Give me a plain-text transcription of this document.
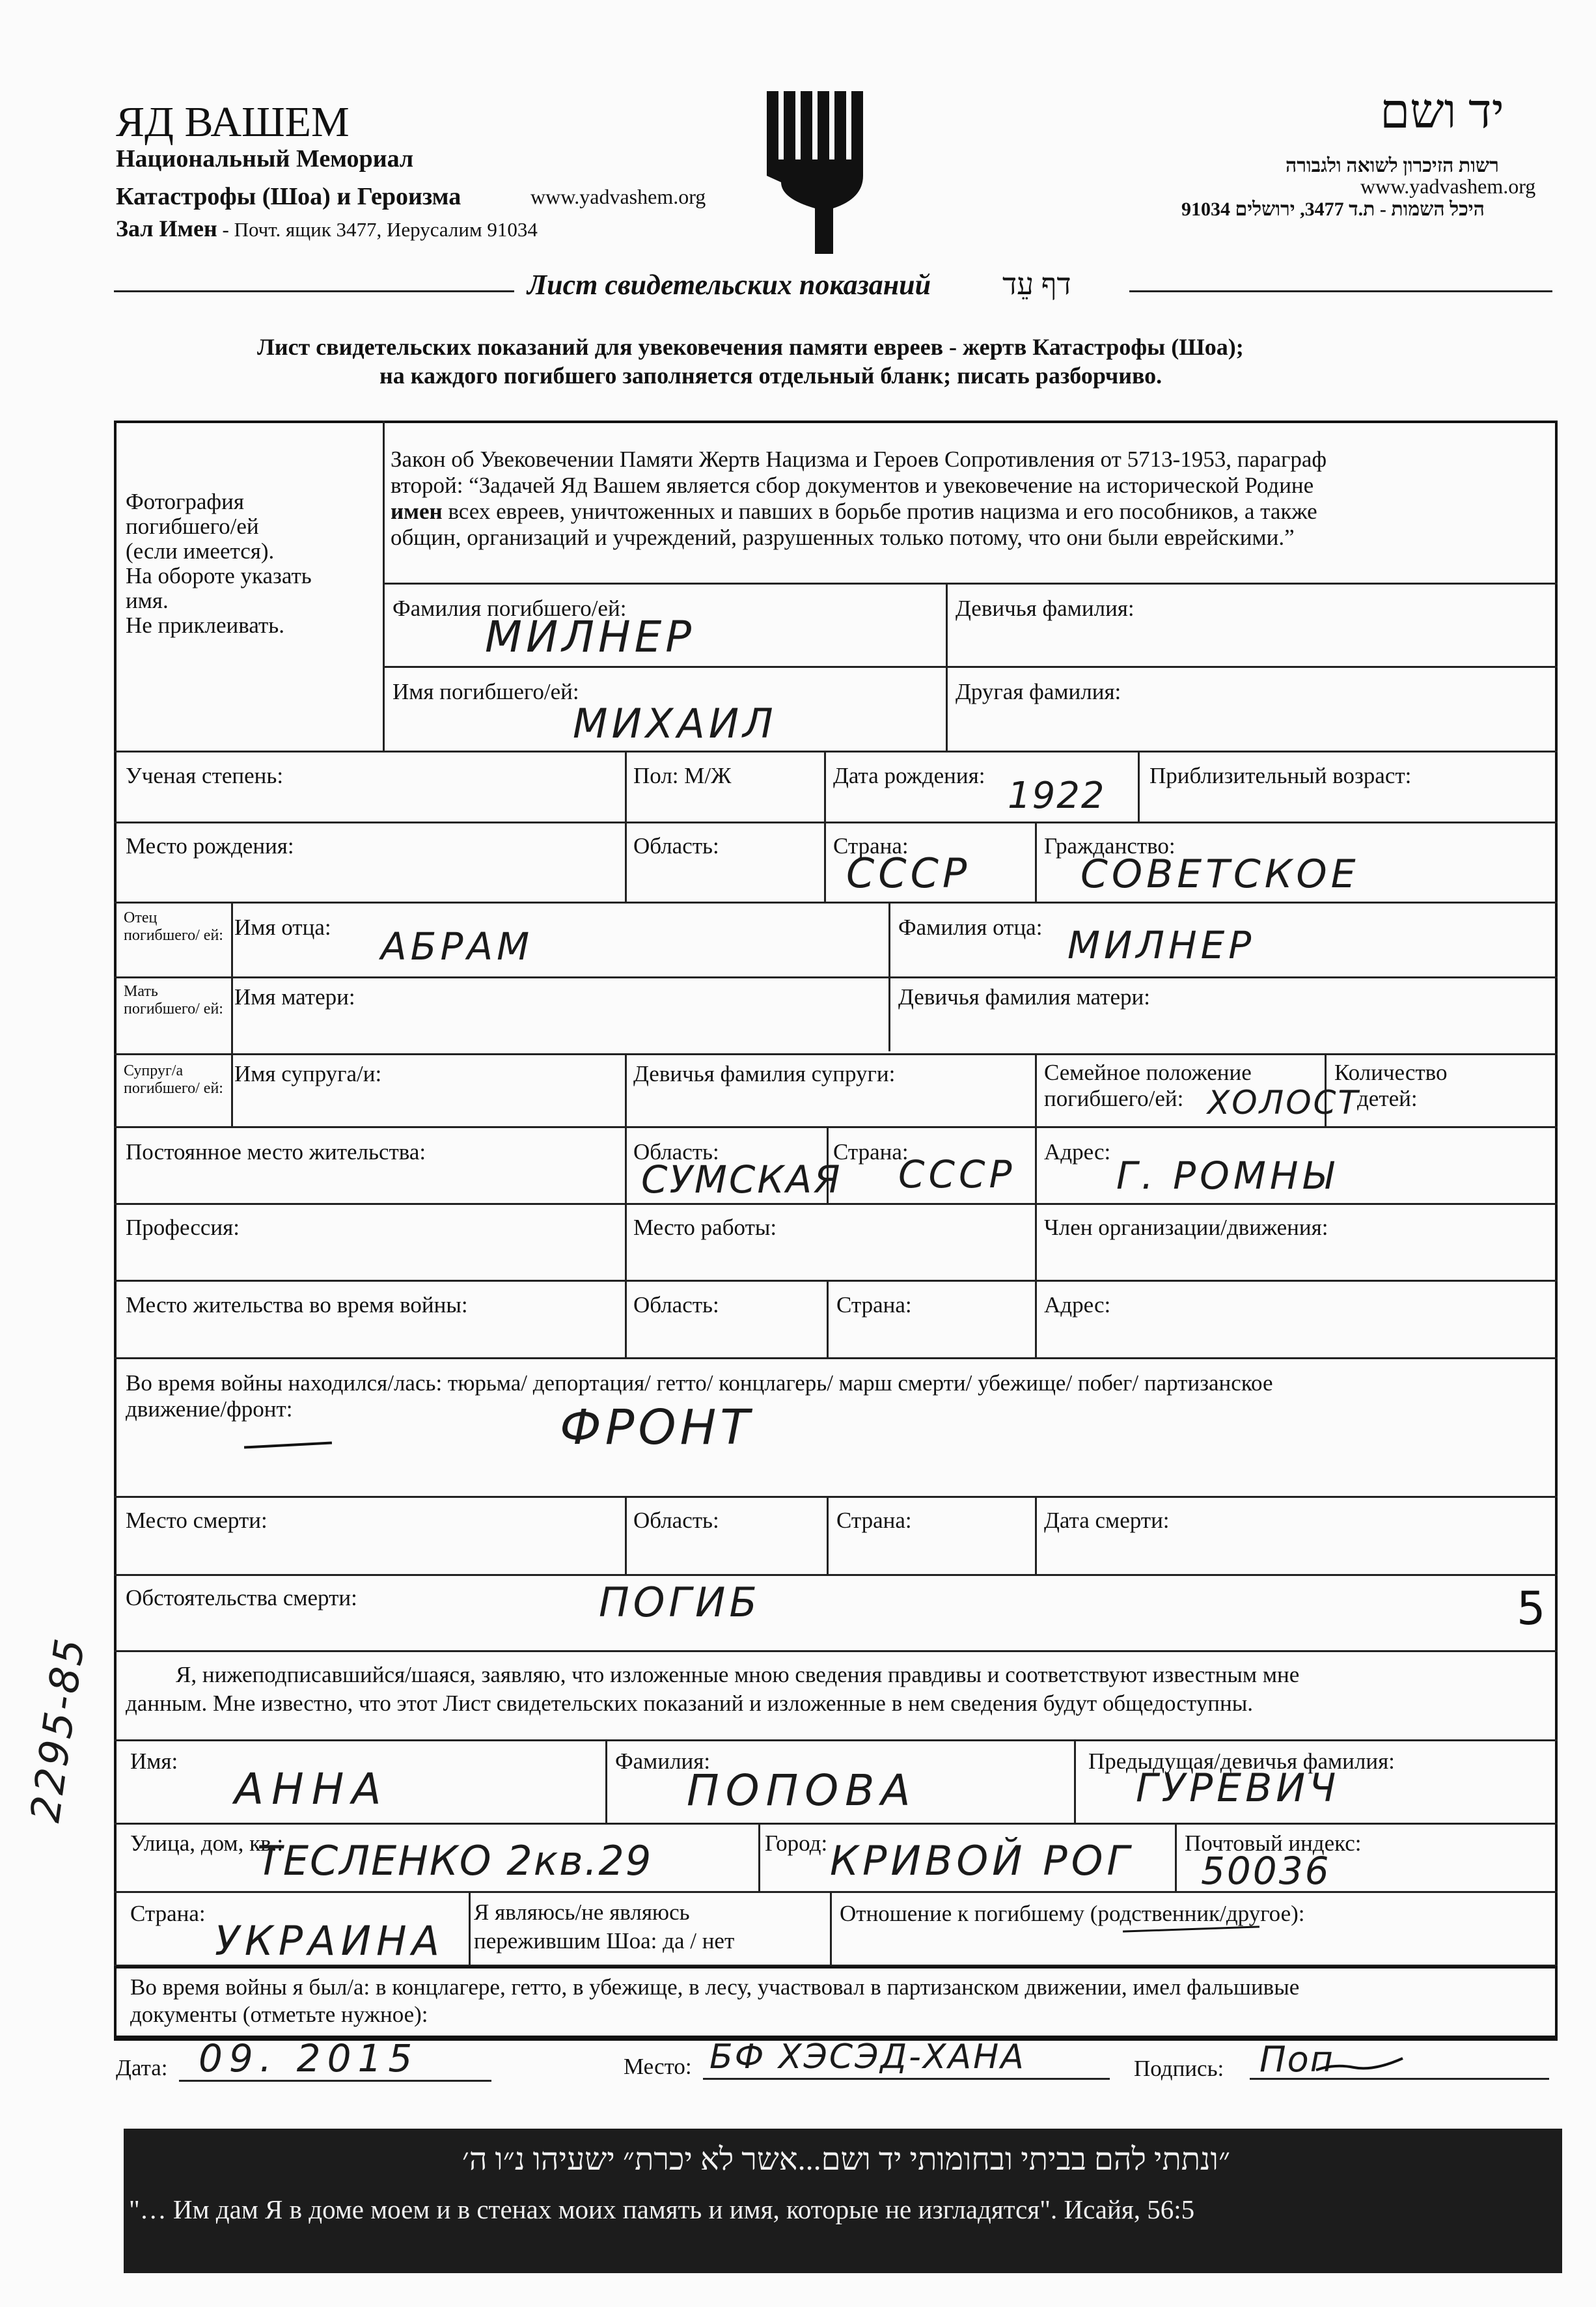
ЯД ВАШЕМ
Национальный Мемориал
Катастрофы (Шоа) и Героизма	www.yadvashem.org
Зал Имен - Почт. ящик 3477, Иерусалим 91034
יד ושם
רשות הזיכרון לשואה ולגבורה
www.yadvashem.org
היכל השמות - ת.ד 3477, ירושלים 91034
Лист свидетельских показаний דף עֵד
Лист свидетельских показаний для увековечения памяти евреев - жертв Катастрофы (Шоа);
на каждого погибшего заполняется отдельный бланк; писать разборчиво.
Фотография
погибшего/ей
(если имеется).
На обороте указать
имя.
Не приклеивать.
Закон об Увековечении Памяти Жертв Нацизма и Героев Сопротивления от 5713-1953, параграф
второй: “Задачей Яд Вашем является сбор документов и увековечение на исторической Родине
имен всех евреев, уничтоженных и павших в борьбе против нацизма и его пособников, а также
общин, организаций и учреждений, разрушенных только потому, что они были еврейскими.”
Фамилия погибшего/ей:
МИЛНЕР
Девичья фамилия:
Имя погибшего/ей:
МИХАИЛ
Другая фамилия:
Ученая степень:	Пол: М/Ж	Дата рождения: 1922 Приблизительный возраст:
Место рождения:	Область:	Страна:
СССР
Гражданство:
СОВЕТСКОЕ
Отец погибшего/ ей: Имя отца: АБРАМ	Фамилия отца: МИЛНЕР
Мать погибшего/ ей: Имя матери:	Девичья фамилия матери:
Супруг/а погибшего/ ей:
Имя супруга/и:	Девичья фамилия супруги:	Семейное положение
погибшего/ей: ХОЛОСТ
Количество
детей:
Постоянное место жительства:	Область:
СУМСКАЯ
Страна:
СССР
Адрес:
Г. РОМНЫ
Профессия:	Место работы:	Член организации/движения:
Место жительства во время войны:	Область:	Страна:	Адрес:
Во время войны находился/лась: тюрьма/ депортация/ гетто/ концлагерь/ марш смерти/ убежище/ побег/ партизанское
движение/фронт:	ФРОНТ
Место смерти:	Область:	Страна:	Дата смерти:
Обстоятельства смерти:	ПОГИБ	5
Я, нижеподписавшийся/шаяся, заявляю, что изложенные мною сведения правдивы и соответствуют известным мне
данным. Мне известно, что этот Лист свидетельских показаний и изложенные в нем сведения будут общедоступны.
Имя:
АННА
Фамилия:
ПОПОВА
Предыдущая/девичья фамилия:
ГУРЕВИЧ
Улица, дом, кв.:
ТЕСЛЕНКО 2кв.29	Город: КРИВОЙ РОГ Почтовый индекс:
50036
Страна:
УКРАИНА
Я являюсь/не являюсь
пережившим Шоа: да / нет
Отношение к погибшему (родственник/другое):
Во время войны я был/а: в концлагере, гетто, в убежище, в лесу, участвовал в партизанском движении, имел фальшивые
документы (отметьте нужное):
Дата: 09. 2015	Место: БФ ХЭСЭД-ХАНА	Подпись: Поп
״ונתתי להם בביתי ובחומותי יד ושם...אשר לא יכרת״ ישעיהו נ״ו ה׳
"… Им дам Я в доме моем и в стенах моих память и имя, которые не изгладятся". Исайя, 56:5
2295-85
